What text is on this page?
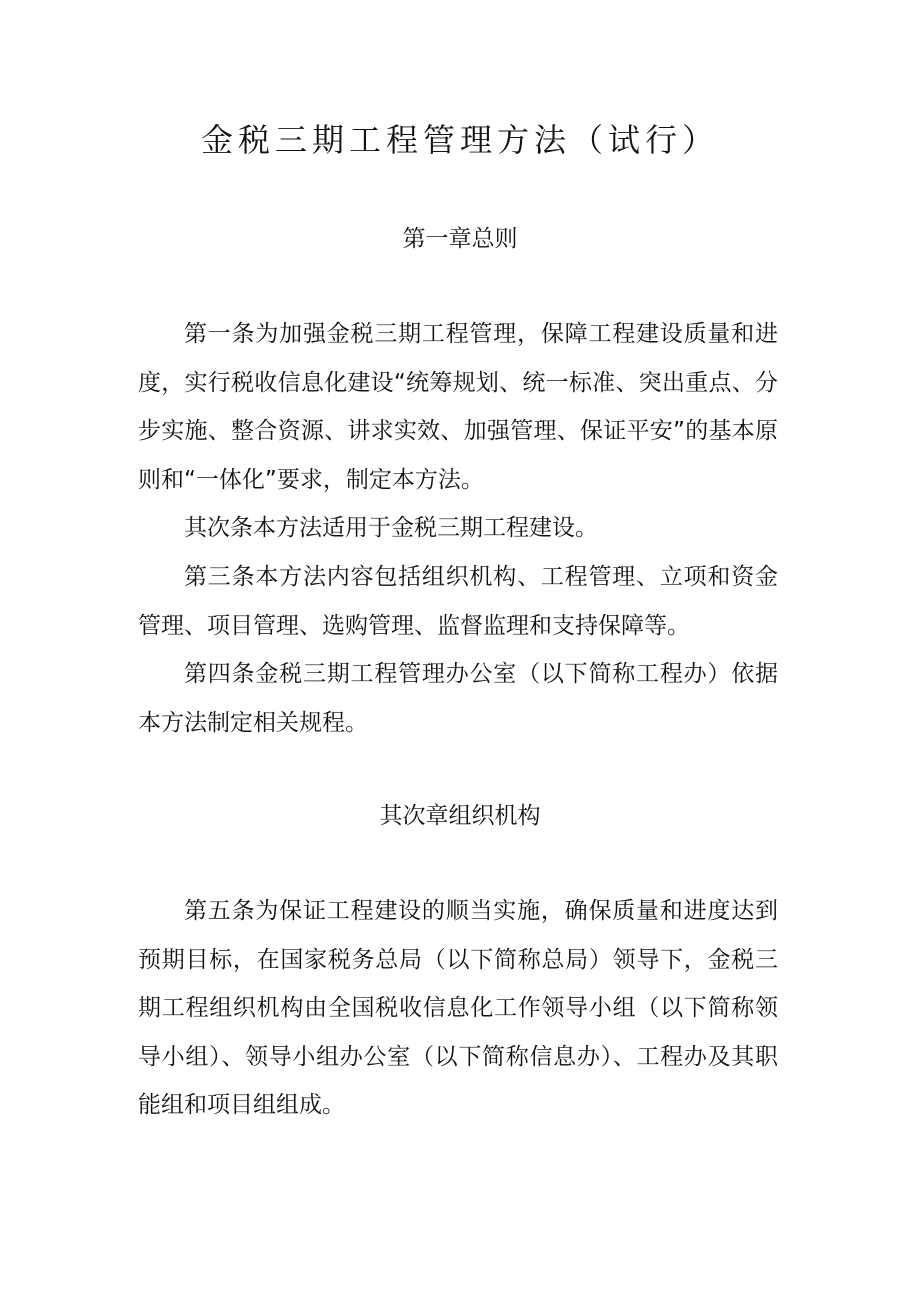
金税三期工程管理方法（试行）
第一章总则

第一条为加强金税三期工程管理，保障工程建设质量和进度，实行税收信息化建设“统筹规划、统一标准、突出重点、分步实施、整合资源、讲求实效、加强管理、保证平安”的基本原则和“一体化”要求，制定本方法。

其次条本方法适用于金税三期工程建设。

第三条本方法内容包括组织机构、工程管理、立项和资金管理、项目管理、选购管理、监督监理和支持保障等。

第四条金税三期工程管理办公室（以下简称工程办）依据本方法制定相关规程。

其次章组织机构

第五条为保证工程建设的顺当实施，确保质量和进度达到预期目标，在国家税务总局（以下简称总局）领导下，金税三期工程组织机构由全国税收信息化工作领导小组（以下简称领导小组）、领导小组办公室（以下简称信息办）、工程办及其职能组和项目组组成。
